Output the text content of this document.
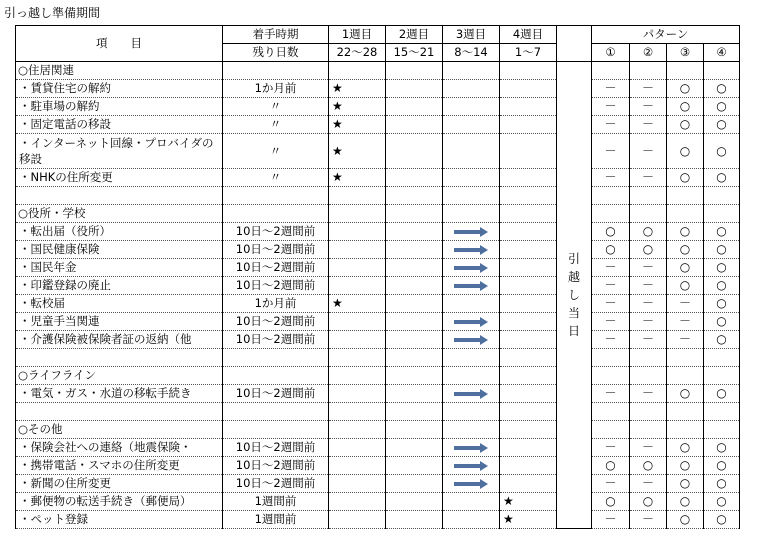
引っ越し準備期間
項　　目	着手時期	1週目	2週目	3週目	4週目		パターン			
	残り日数	22～28	15～21	8～14	1～7		①	②	③	④
○住居関連						引越し当日				
・賃貸住宅の解約	1か月前	★					－	－	○	○
・駐車場の解約	〃	★					－	－	○	○
・固定電話の移設	〃	★					－	－	○	○
・インターネット回線・プロバイダの移設	〃	★					－	－	○	○
・NHKの住所変更	〃	★					－	－	○	○

○役所・学校										
・転出届（役所）	10日～2週間前						○	○	○	○
・国民健康保険	10日～2週間前						○	○	○	○
・国民年金	10日～2週間前						－	－	○	○
・印鑑登録の廃止	10日～2週間前						－	－	○	○
・転校届	1か月前	★					－	－	－	○
・児童手当関連	10日～2週間前						－	－	－	○
・介護保険被保険者証の返納（他	10日～2週間前						－	－	－	○

○ライフライン										
・電気・ガス・水道の移転手続き	10日～2週間前						－	－	○	○

○その他										
・保険会社への連絡（地震保険・	10日～2週間前						－	－	○	○
・携帯電話・スマホの住所変更	10日～2週間前						○	○	○	○
・新聞の住所変更	10日～2週間前						－	－	○	○
・郵便物の転送手続き（郵便局）	1週間前				★		○	○	○	○
・ペット登録	1週間前				★		－	－	○	○
